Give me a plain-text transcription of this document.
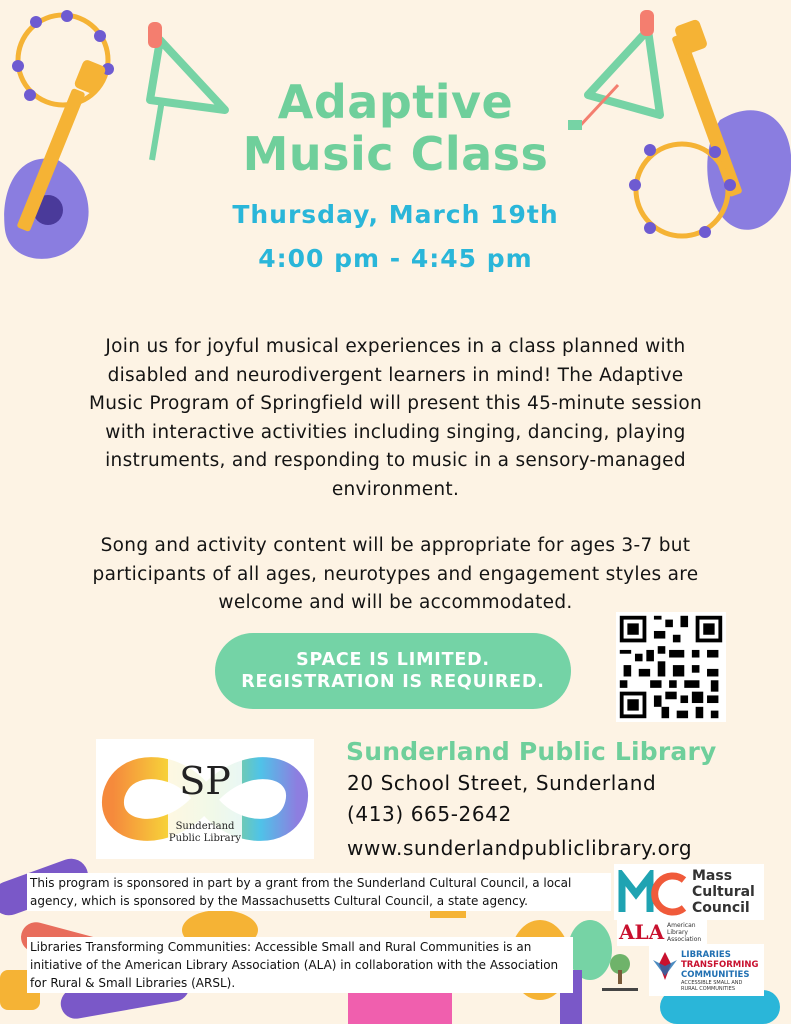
Adaptive
Music Class
Thursday, March 19th
4:00 pm - 4:45 pm
Join us for joyful musical experiences in a class planned with
disabled and neurodivergent learners in mind! The Adaptive
Music Program of Springfield will present this 45-minute session
with interactive activities including singing, dancing, playing
instruments, and responding to music in a sensory-managed
environment.
Song and activity content will be appropriate for ages 3-7 but
participants of all ages, neurotypes and engagement styles are
welcome and will be accommodated.
SPACE IS LIMITED.
REGISTRATION IS REQUIRED.
SP
Sunderland
Public Library
Sunderland Public Library
20 School Street, Sunderland
(413) 665-2642
www.sunderlandpubliclibrary.org
This program is sponsored in part by a grant from the Sunderland Cultural Council, a local agency, which is sponsored by the Massachusetts Cultural Council, a state agency.
Libraries Transforming Communities: Accessible Small and Rural Communities is an initiative of the American Library Association (ALA) in collaboration with the Association for Rural & Small Libraries (ARSL).
Mass
Cultural
Council
ALA American
Library
Association
LIBRARIES
TRANSFORMING
COMMUNITIES
ACCESSIBLE SMALL AND
RURAL COMMUNITIES
